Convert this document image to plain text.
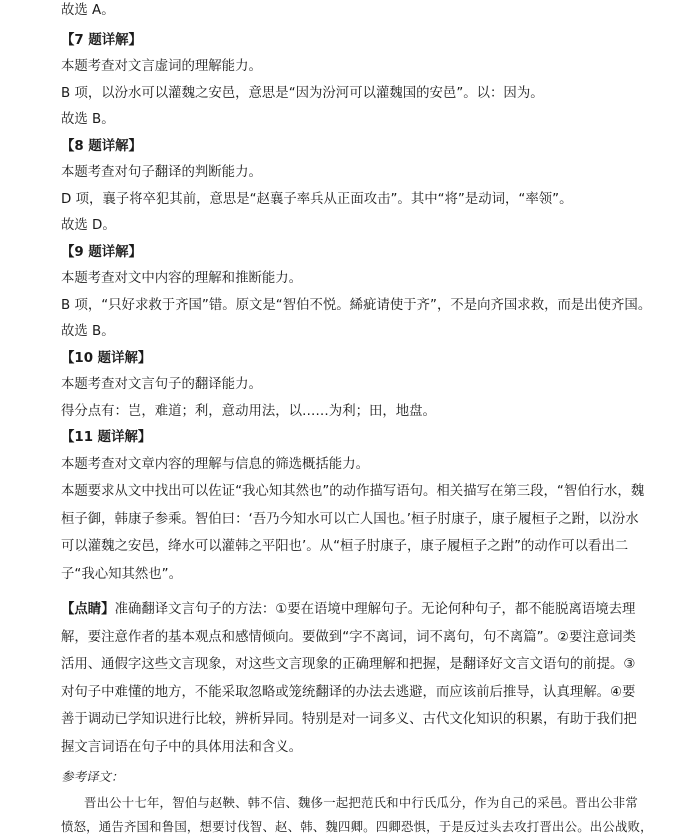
故选 A。
【7 题详解】
本题考查对文言虚词的理解能力。
B 项，以汾水可以灌魏之安邑，意思是“因为汾河可以灌魏国的安邑”。以：因为。
故选 B。
【8 题详解】
本题考查对句子翻译的判断能力。
D 项，襄子将卒犯其前，意思是“赵襄子率兵从正面攻击”。其中“将”是动词，“率领”。
故选 D。
【9 题详解】
本题考查对文中内容的理解和推断能力。
B 项，“只好求救于齐国”错。原文是“智伯不悦。絺疵请使于齐”，不是向齐国求救，而是出使齐国。
故选 B。
【10 题详解】
本题考查对文言句子的翻译能力。
得分点有：岂，难道；利，意动用法，以……为利；田，地盘。
【11 题详解】
本题考查对文章内容的理解与信息的筛选概括能力。
本题要求从文中找出可以佐证“我心知其然也”的动作描写语句。相关描写在第三段，“智伯行水，魏桓子御，韩康子参乘。智伯曰：‘吾乃今知水可以亡人国也。’桓子肘康子，康子履桓子之跗，以汾水可以灌魏之安邑，绛水可以灌韩之平阳也’。从“桓子肘康子，康子履桓子之跗”的动作可以看出二子“我心知其然也”。
【点睛】准确翻译文言句子的方法：①要在语境中理解句子。无论何种句子，都不能脱离语境去理解，要注意作者的基本观点和感情倾向。要做到“字不离词，词不离句，句不离篇”。②要注意词类活用、通假字这些文言现象，对这些文言现象的正确理解和把握，是翻译好文言文语句的前提。③对句子中难懂的地方，不能采取忽略或笼统翻译的办法去逃避，而应该前后推导，认真理解。④要善于调动已学知识进行比较，辨析异同。特别是对一词多义、古代文化知识的积累，有助于我们把握文言词语在句子中的具体用法和含义。
参考译文：
晋出公十七年，智伯与赵鞅、韩不信、魏侈一起把范氏和中行氏瓜分，作为自己的采邑。晋出公非常
愤怒，通告齐国和鲁国，想要讨伐智、赵、韩、魏四卿。四卿恐惧，于是反过头去攻打晋出公。出公战败，
